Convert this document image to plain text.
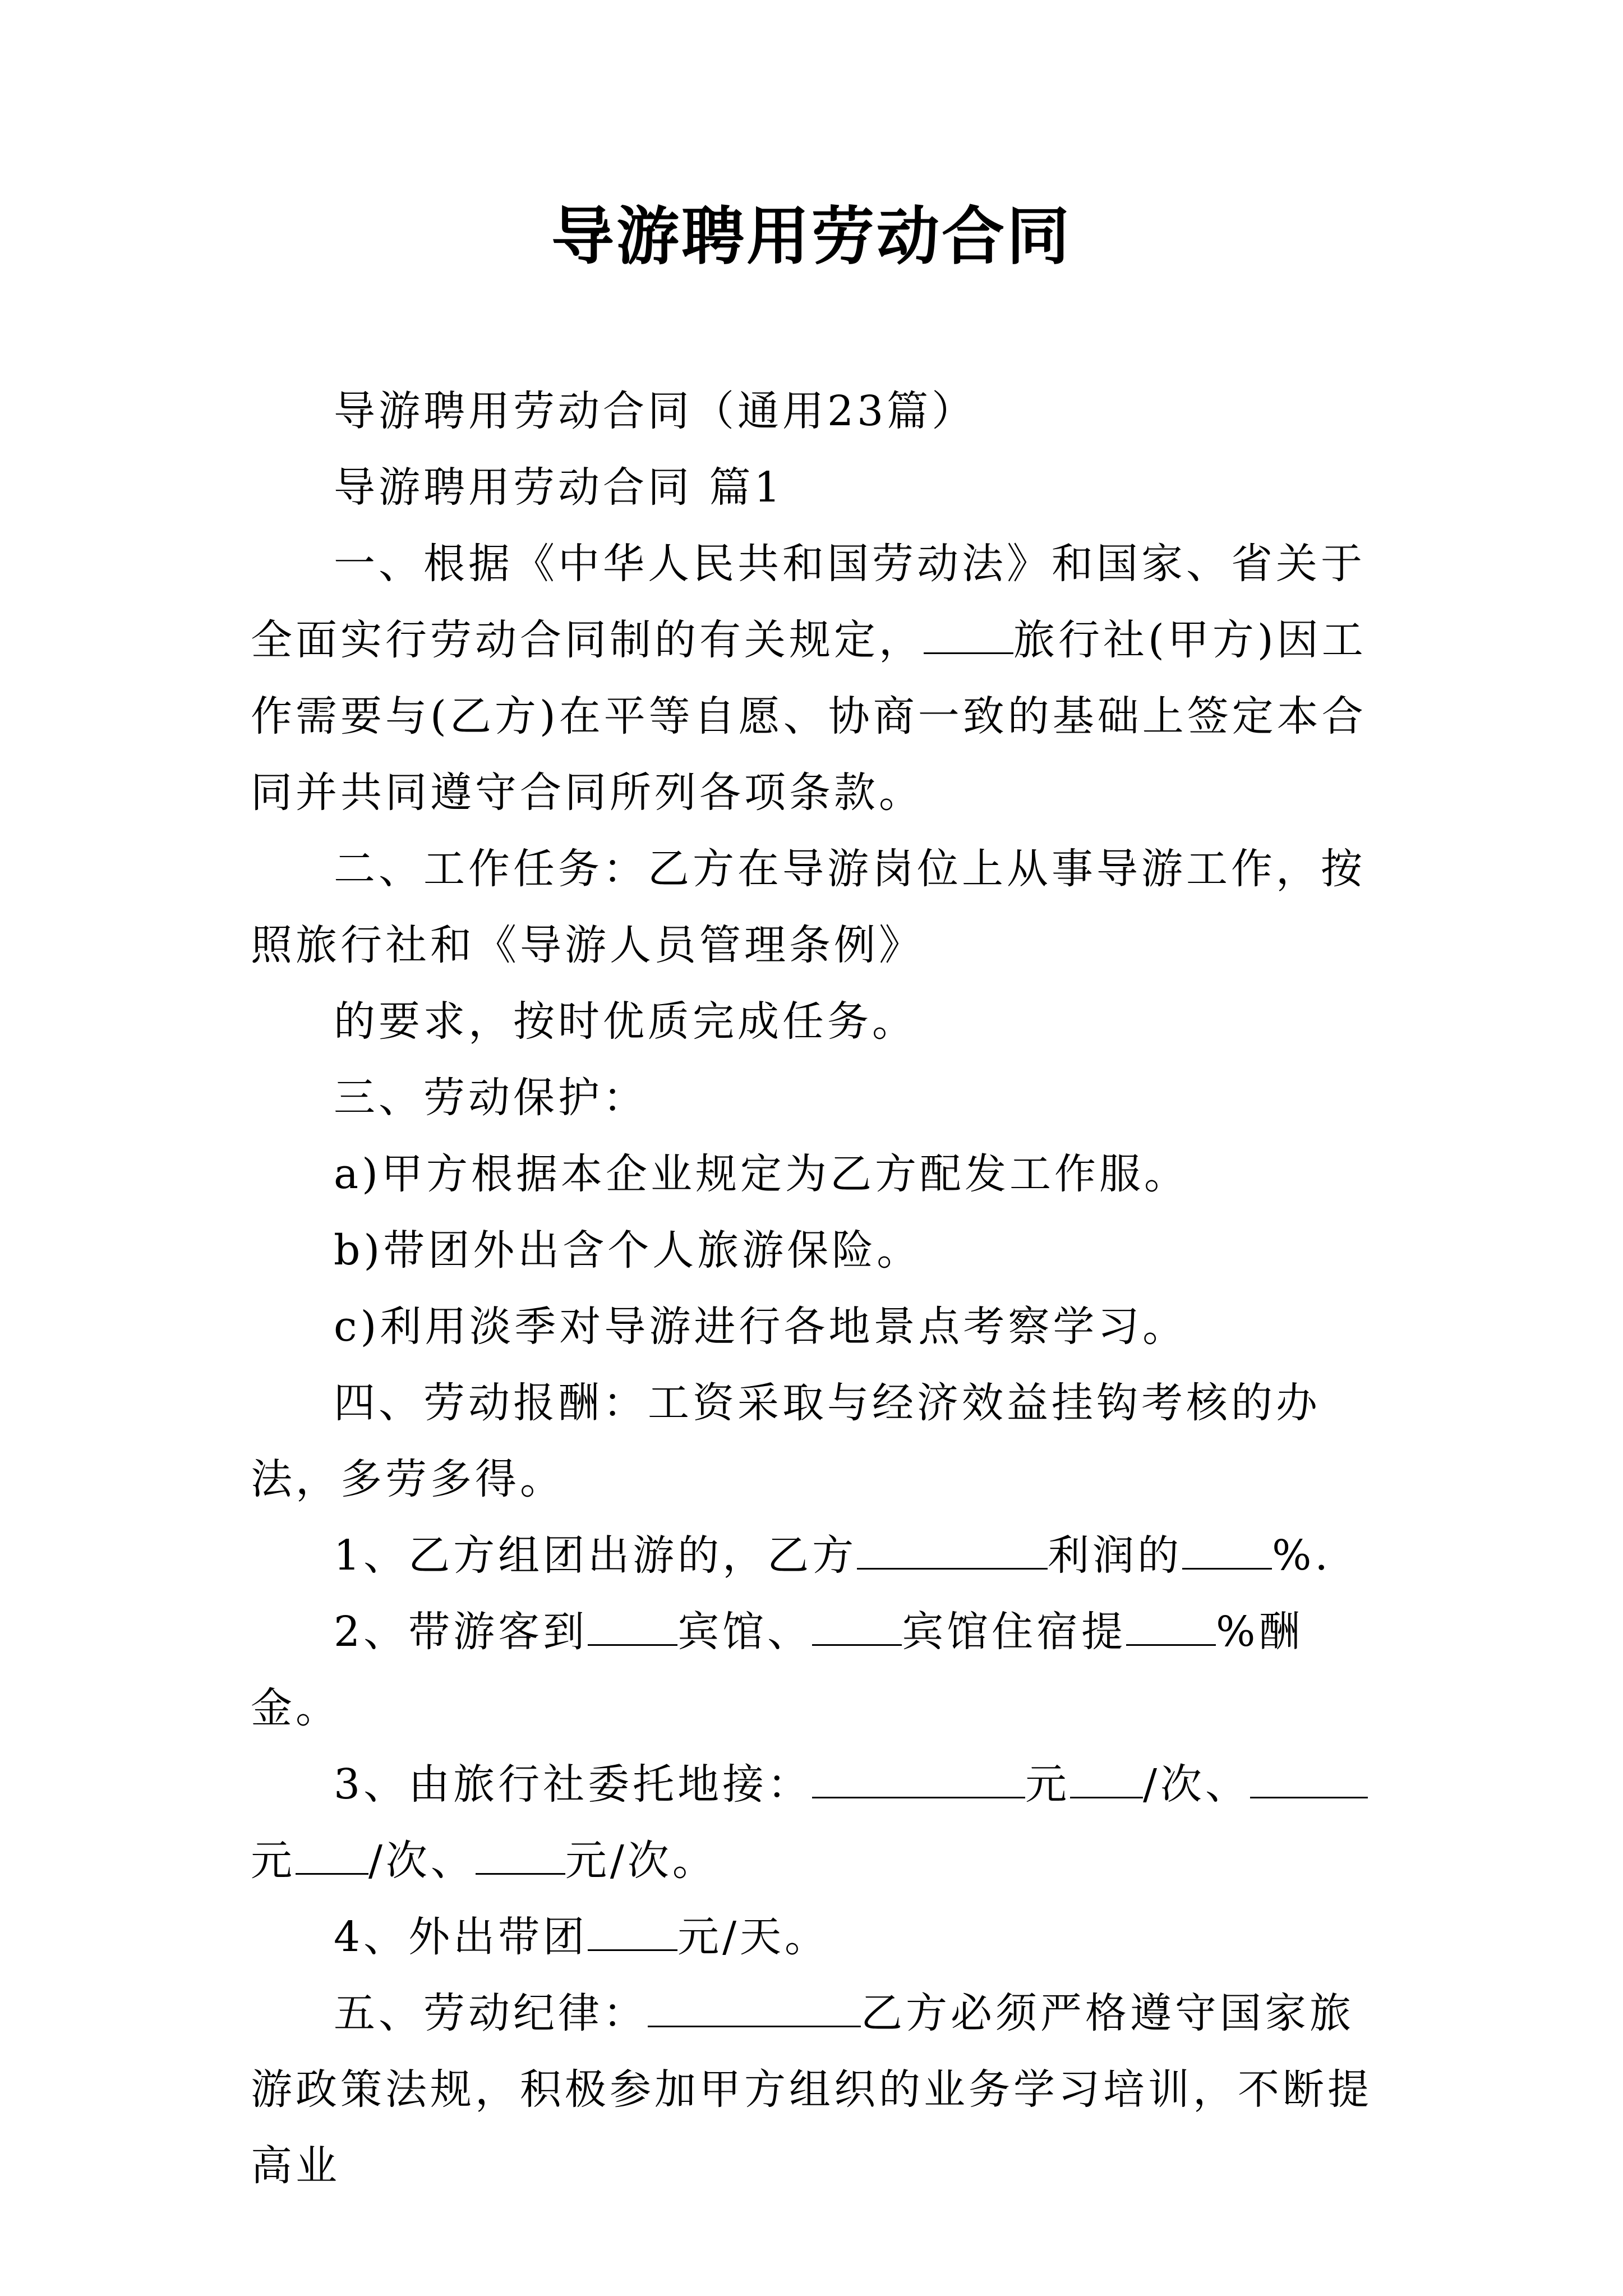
导游聘用劳动合同

导游聘用劳动合同（通用23篇）

导游聘用劳动合同 篇1

一、根据《中华人民共和国劳动法》和国家、省关于全面实行劳动合同制的有关规定， 旅行社(甲方)因工作需要与(乙方)在平等自愿、协商一致的基础上签定本合同并共同遵守合同所列各项条款。

二、工作任务：乙方在导游岗位上从事导游工作，按照旅行社和《导游人员管理条例》

的要求，按时优质完成任务。

三、劳动保护：

a)甲方根据本企业规定为乙方配发工作服。

b)带团外出含个人旅游保险。

c)利用淡季对导游进行各地景点考察学习。

四、劳动报酬：工资采取与经济效益挂钩考核的办法，多劳多得。

1、乙方组团出游的，乙方	利润的 %.

2、带游客到 宾馆、 宾馆住宿提 %酬金。

3、由旅行社委托地接：	元 /次、元 /次、 元/次。

4、外出带团 元/天。

五、劳动纪律：	乙方必须严格遵守国家旅游政策法规，积极参加甲方组织的业务学习培训，不断提高业
